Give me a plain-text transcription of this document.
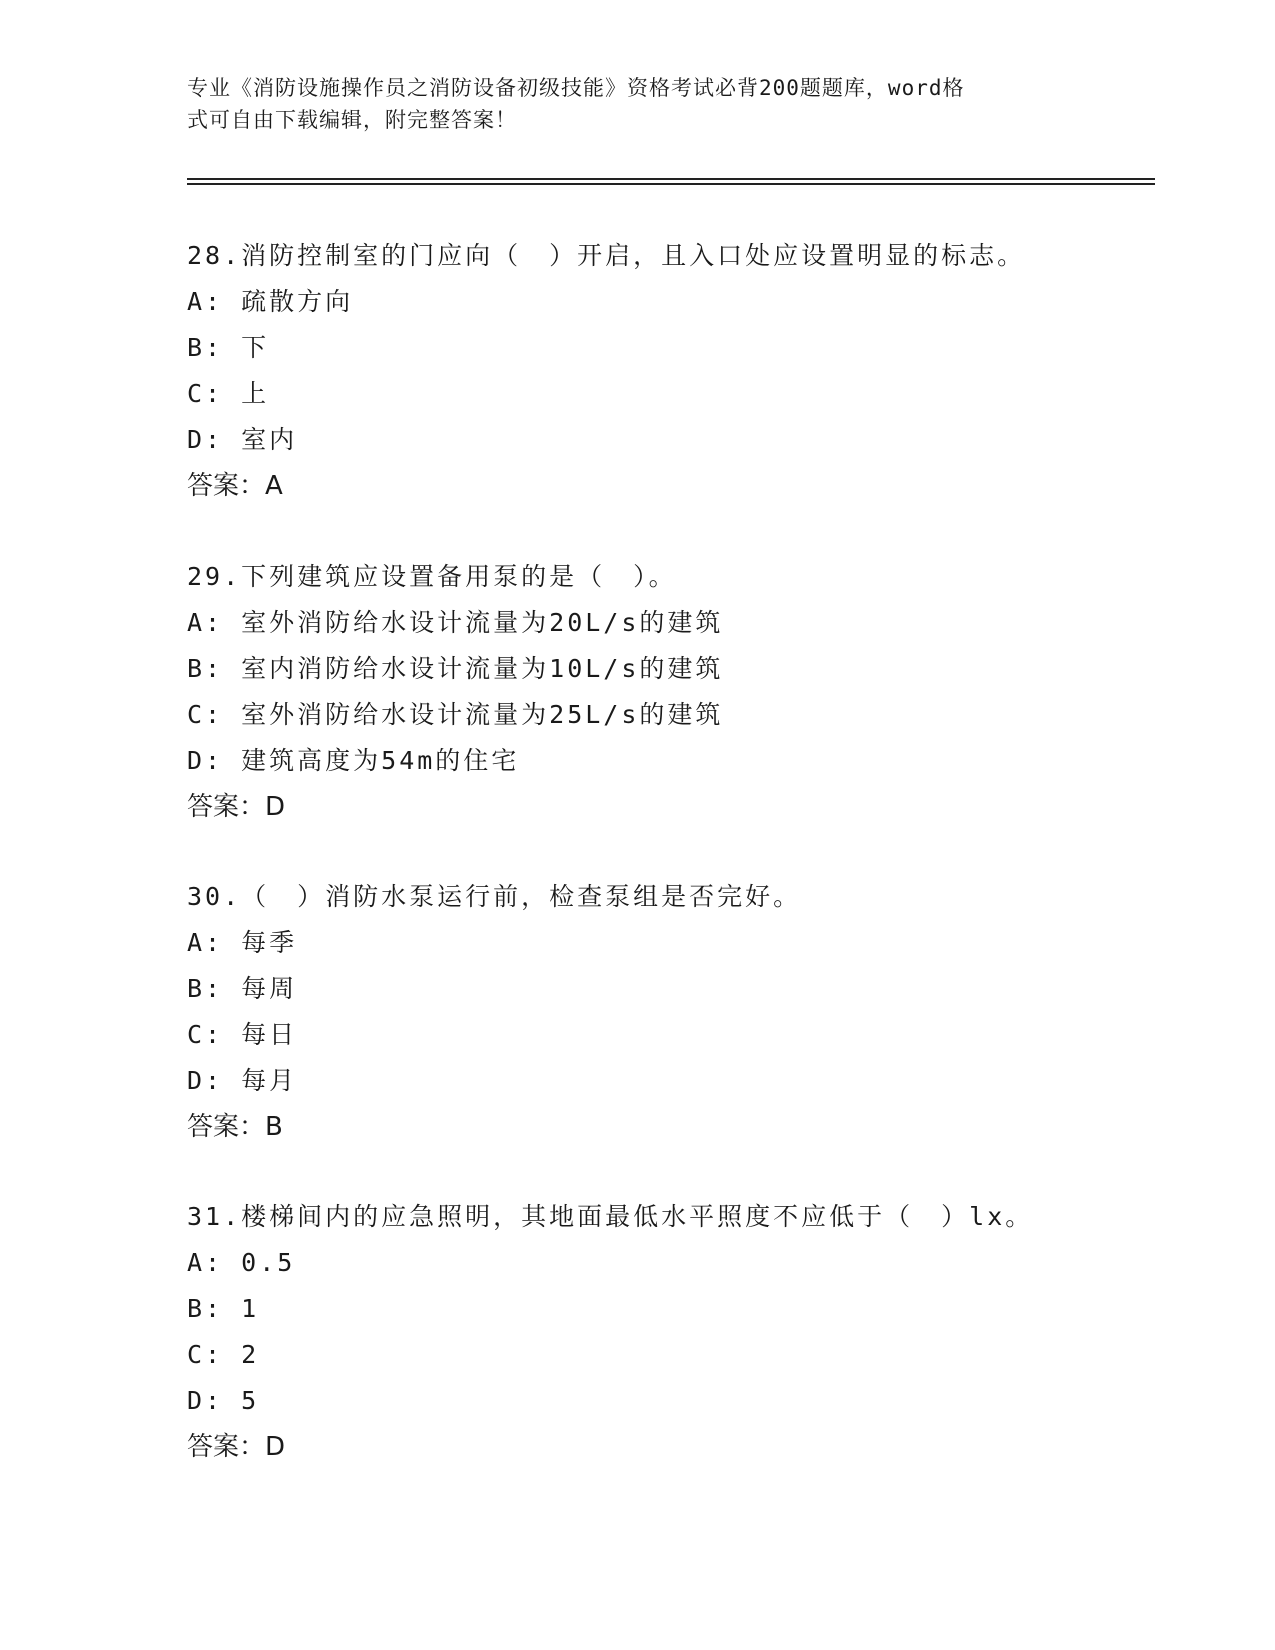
专业《消防设施操作员之消防设备初级技能》资格考试必背200题题库，word格
式可自由下载编辑，附完整答案！
28.消防控制室的门应向（　）开启，且入口处应设置明显的标志。
A: 疏散方向
B: 下
C: 上
D: 室内
答案：A
29.下列建筑应设置备用泵的是（　）。
A: 室外消防给水设计流量为20L/s的建筑
B: 室内消防给水设计流量为10L/s的建筑
C: 室外消防给水设计流量为25L/s的建筑
D: 建筑高度为54m的住宅
答案：D
30.（　）消防水泵运行前，检查泵组是否完好。
A: 每季
B: 每周
C: 每日
D: 每月
答案：B
31.楼梯间内的应急照明，其地面最低水平照度不应低于（　）lx。
A: 0.5
B: 1
C: 2
D: 5
答案：D
